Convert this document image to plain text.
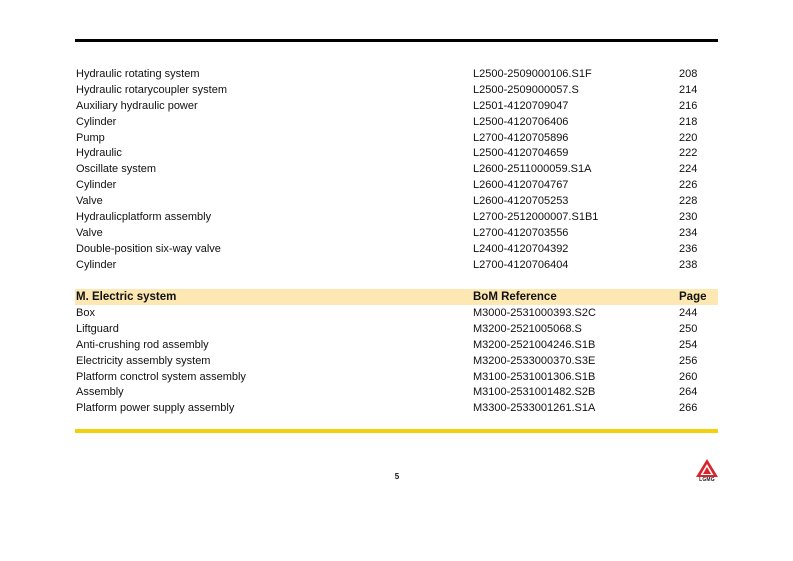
Hydraulic rotating system	L2500-2509000106.S1F	208
Hydraulic rotarycoupler system	L2500-2509000057.S	214
Auxiliary hydraulic power	L2501-4120709047	216
Cylinder	L2500-4120706406	218
Pump	L2700-4120705896	220
Hydraulic	L2500-4120704659	222
Oscillate system	L2600-2511000059.S1A	224
Cylinder	L2600-4120704767	226
Valve	L2600-4120705253	228
Hydraulicplatform assembly	L2700-2512000007.S1B1	230
Valve	L2700-4120703556	234
Double-position six-way valve	L2400-4120704392	236
Cylinder	L2700-4120706404	238
M. Electric system	BoM Reference	Page
Box	M3000-2531000393.S2C	244
Liftguard	M3200-2521005068.S	250
Anti-crushing rod assembly	M3200-2521004246.S1B	254
Electricity assembly system	M3200-2533000370.S3E	256
Platform conctrol system assembly	M3100-2531001306.S1B	260
Assembly	M3100-2531001482.S2B	264
Platform power supply assembly	M3300-2533001261.S1A	266
5	LGMG
